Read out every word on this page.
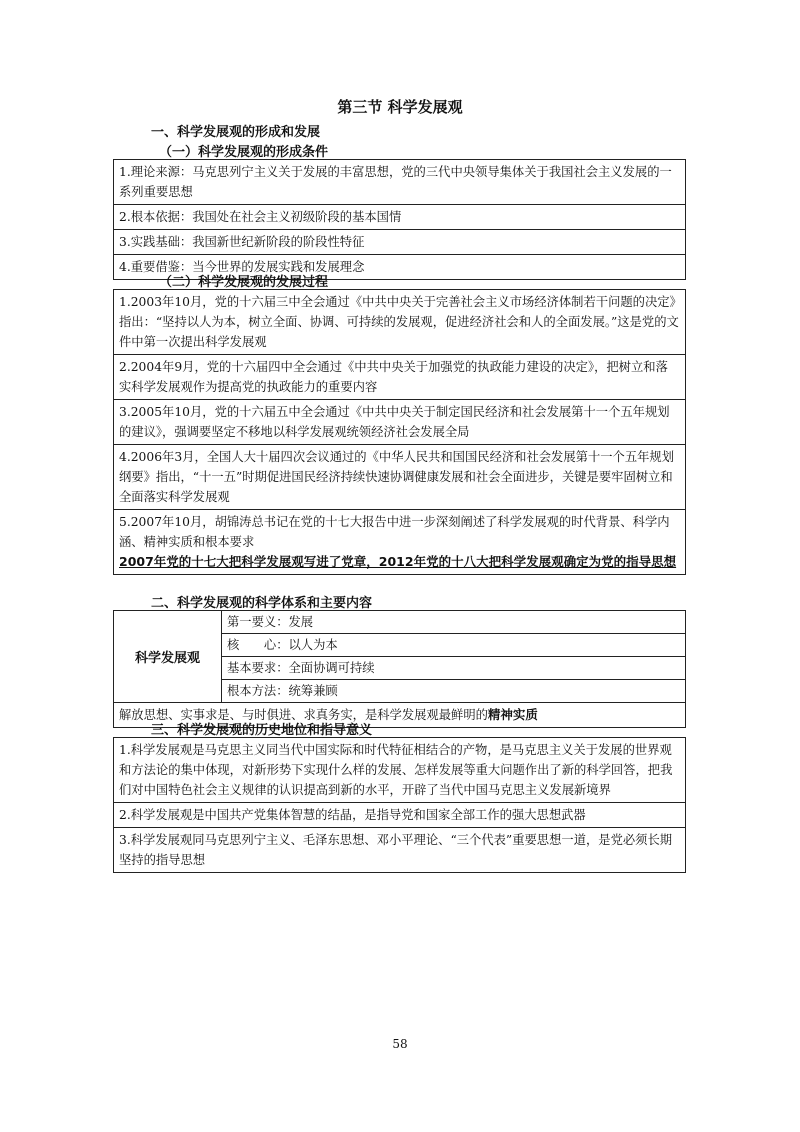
第三节 科学发展观
一、科学发展观的形成和发展
（一）科学发展观的形成条件
1.理论来源：马克思列宁主义关于发展的丰富思想，党的三代中央领导集体关于我国社会主义发展的一系列重要思想
2.根本依据：我国处在社会主义初级阶段的基本国情
3.实践基础：我国新世纪新阶段的阶段性特征
4.重要借鉴：当今世界的发展实践和发展理念
（二）科学发展观的发展过程
1.2003年10月，党的十六届三中全会通过《中共中央关于完善社会主义市场经济体制若干问题的决定》指出：“坚持以人为本，树立全面、协调、可持续的发展观，促进经济社会和人的全面发展。”这是党的文件中第一次提出科学发展观
2.2004年9月，党的十六届四中全会通过《中共中央关于加强党的执政能力建设的决定》，把树立和落实科学发展观作为提高党的执政能力的重要内容
3.2005年10月，党的十六届五中全会通过《中共中央关于制定国民经济和社会发展第十一个五年规划的建议》，强调要坚定不移地以科学发展观统领经济社会发展全局
4.2006年3月，全国人大十届四次会议通过的《中华人民共和国国民经济和社会发展第十一个五年规划纲要》指出，“十一五”时期促进国民经济持续快速协调健康发展和社会全面进步，关键是要牢固树立和全面落实科学发展观
5.2007年10月，胡锦涛总书记在党的十七大报告中进一步深刻阐述了科学发展观的时代背景、科学内涵、精神实质和根本要求
2007年党的十七大把科学发展观写进了党章，2012年党的十八大把科学发展观确定为党的指导思想
二、科学发展观的科学体系和主要内容
科学发展观
第一要义：发展
核　　心：以人为本
基本要求：全面协调可持续
根本方法：统筹兼顾
解放思想、实事求是、与时俱进、求真务实，是科学发展观最鲜明的精神实质
三、科学发展观的历史地位和指导意义
1.科学发展观是马克思主义同当代中国实际和时代特征相结合的产物，是马克思主义关于发展的世界观和方法论的集中体现，对新形势下实现什么样的发展、怎样发展等重大问题作出了新的科学回答，把我们对中国特色社会主义规律的认识提高到新的水平，开辟了当代中国马克思主义发展新境界
2.科学发展观是中国共产党集体智慧的结晶，是指导党和国家全部工作的强大思想武器
3.科学发展观同马克思列宁主义、毛泽东思想、邓小平理论、“三个代表”重要思想一道，是党必须长期坚持的指导思想
58
